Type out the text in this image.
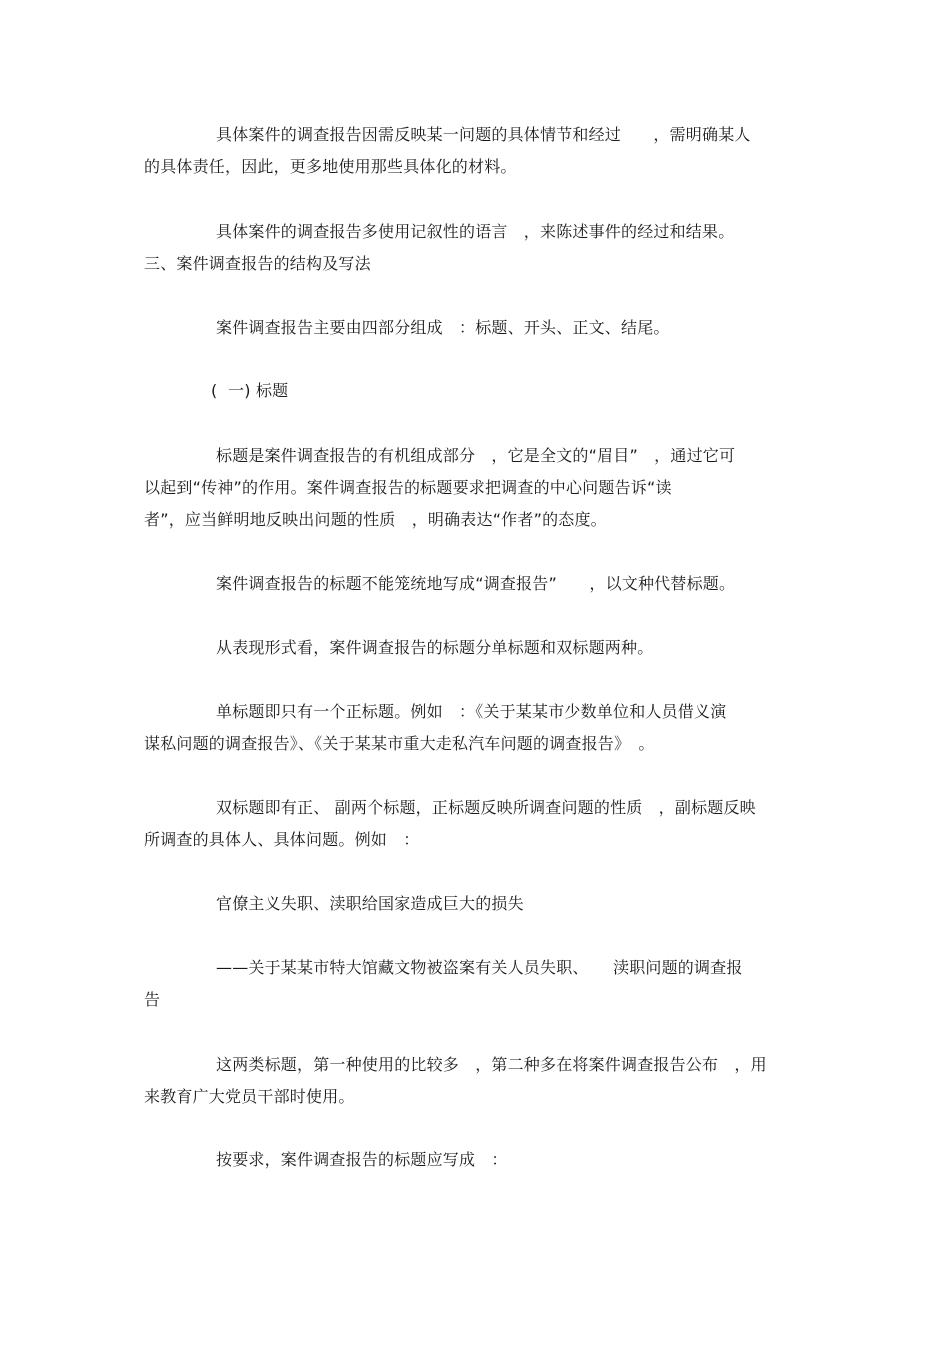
具体案件的调查报告因需反映某一问题的具体情节和经过　　，需明确某人
的具体责任，因此，更多地使用那些具体化的材料。
具体案件的调查报告多使用记叙性的语言　，来陈述事件的经过和结果。
三、案件调查报告的结构及写法
案件调查报告主要由四部分组成　：标题、开头、正文、结尾。
(  一) 标题
标题是案件调查报告的有机组成部分　，它是全文的“眉目”　，通过它可
以起到“传神”的作用。案件调查报告的标题要求把调查的中心问题告诉“读
者”，应当鲜明地反映出问题的性质　，明确表达“作者”的态度。
案件调查报告的标题不能笼统地写成“调查报告”　　，以文种代替标题。
从表现形式看，案件调查报告的标题分单标题和双标题两种。
单标题即只有一个正标题。例如　：《关于某某市少数单位和人员借义演
谋私问题的调查报告》、《关于某某市重大走私汽车问题的调查报告》　。
双标题即有正、 副两个标题，正标题反映所调查问题的性质　，副标题反映
所调查的具体人、具体问题。例如　：
官僚主义失职、渎职给国家造成巨大的损失
——关于某某市特大馆藏文物被盗案有关人员失职、　　渎职问题的调查报
告
这两类标题，第一种使用的比较多　，第二种多在将案件调查报告公布　，用
来教育广大党员干部时使用。
按要求，案件调查报告的标题应写成　：
